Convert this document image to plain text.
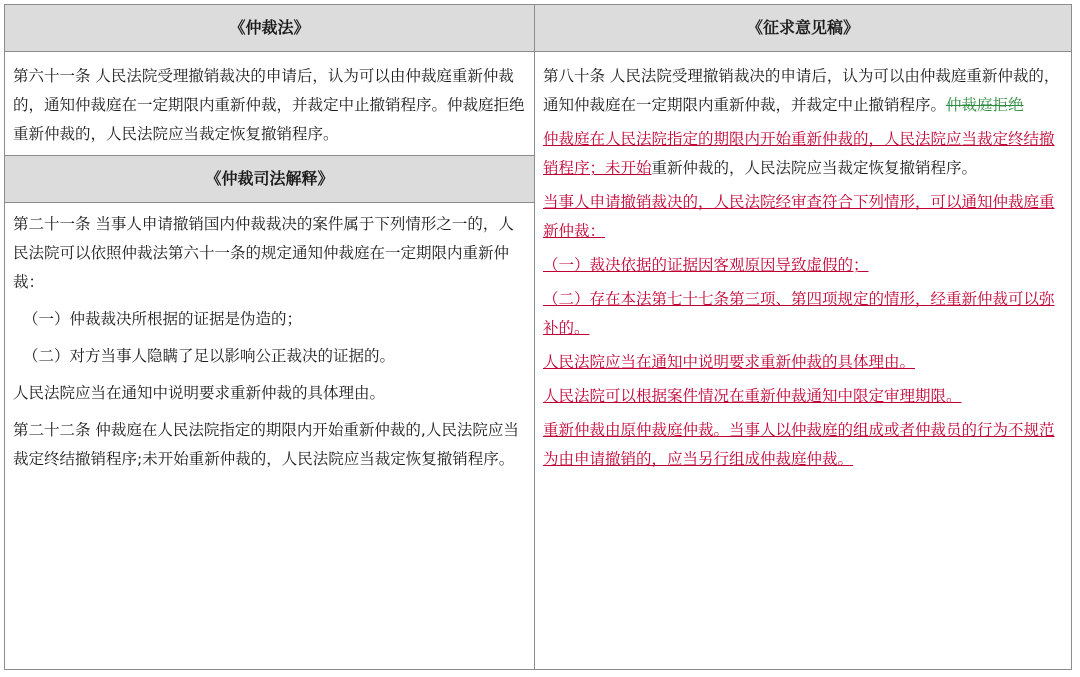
《仲裁法》

第六十一条 人民法院受理撤销裁决的申请后，认为可以由仲裁庭重新仲裁的，通知仲裁庭在一定期限内重新仲裁，并裁定中止撤销程序。仲裁庭拒绝重新仲裁的，人民法院应当裁定恢复撤销程序。

《仲裁司法解释》

第二十一条 当事人申请撤销国内仲裁裁决的案件属于下列情形之一的，人民法院可以依照仲裁法第六十一条的规定通知仲裁庭在一定期限内重新仲裁：

（一）仲裁裁决所根据的证据是伪造的；

（二）对方当事人隐瞒了足以影响公正裁决的证据的。

人民法院应当在通知中说明要求重新仲裁的具体理由。

第二十二条 仲裁庭在人民法院指定的期限内开始重新仲裁的,人民法院应当裁定终结撤销程序;未开始重新仲裁的，人民法院应当裁定恢复撤销程序。

《征求意见稿》

第八十条 人民法院受理撤销裁决的申请后，认为可以由仲裁庭重新仲裁的，通知仲裁庭在一定期限内重新仲裁，并裁定中止撤销程序。仲裁庭拒绝

仲裁庭在人民法院指定的期限内开始重新仲裁的，人民法院应当裁定终结撤销程序；未开始重新仲裁的，人民法院应当裁定恢复撤销程序。

当事人申请撤销裁决的，人民法院经审查符合下列情形，可以通知仲裁庭重新仲裁：

（一）裁决依据的证据因客观原因导致虚假的；

（二）存在本法第七十七条第三项、第四项规定的情形，经重新仲裁可以弥补的。

人民法院应当在通知中说明要求重新仲裁的具体理由。

人民法院可以根据案件情况在重新仲裁通知中限定审理期限。

重新仲裁由原仲裁庭仲裁。当事人以仲裁庭的组成或者仲裁员的行为不规范为由申请撤销的，应当另行组成仲裁庭仲裁。
